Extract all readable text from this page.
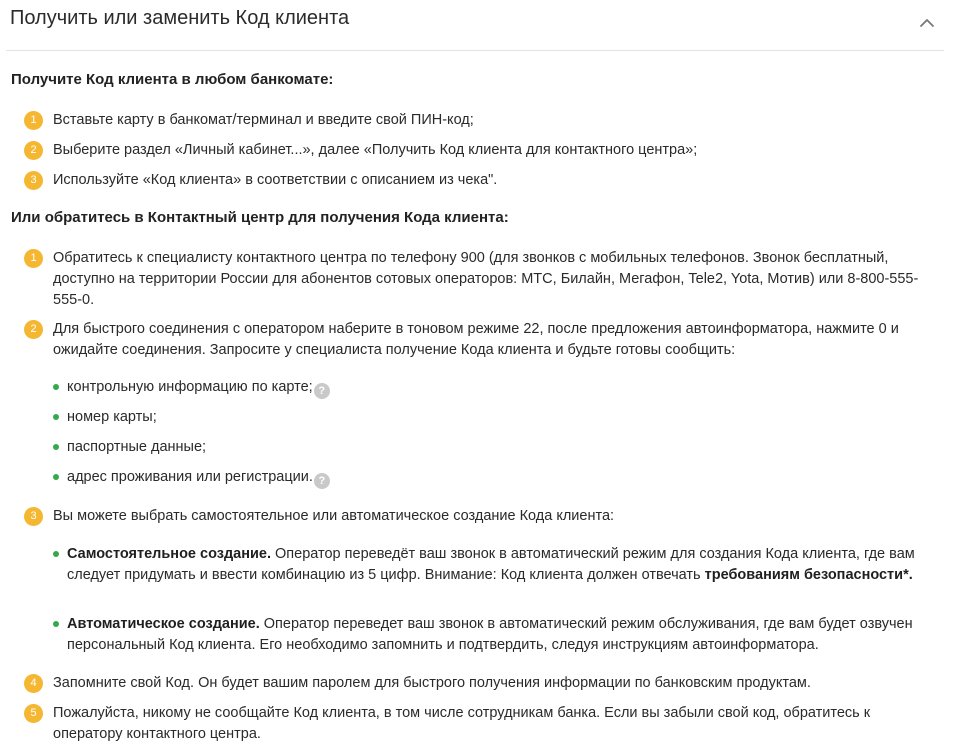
Получить или заменить Код клиента
Получите Код клиента в любом банкомате:
1	Вставьте карту в банкомат/терминал и введите свой ПИН-код;
2	Выберите раздел «Личный кабинет...», далее «Получить Код клиента для контактного центра»;
3	Используйте «Код клиента» в соответствии с описанием из чека".
Или обратитесь в Контактный центр для получения Кода клиента:
1	Обратитесь к специалисту контактного центра по телефону 900 (для звонков с мобильных телефонов. Звонок бесплатный, доступно на территории России для абонентов сотовых операторов: МТС, Билайн, Мегафон, Tele2, Yota, Мотив) или 8-800-555-555-0.
2	Для быстрого соединения с оператором наберите в тоновом режиме 22, после предложения автоинформатора, нажмите 0 и ожидайте соединения. Запросите у специалиста получение Кода клиента и будьте готовы сообщить:
контрольную информацию по карте; ?
номер карты;
паспортные данные;
адрес проживания или регистрации. ?
3	Вы можете выбрать самостоятельное или автоматическое создание Кода клиента:
Самостоятельное создание. Оператор переведёт ваш звонок в автоматический режим для создания Кода клиента, где вам следует придумать и ввести комбинацию из 5 цифр. Внимание: Код клиента должен отвечать требованиям безопасности*.
Автоматическое создание. Оператор переведет ваш звонок в автоматический режим обслуживания, где вам будет озвучен персональный Код клиента. Его необходимо запомнить и подтвердить, следуя инструкциям автоинформатора.
4	Запомните свой Код. Он будет вашим паролем для быстрого получения информации по банковским продуктам.
5	Пожалуйста, никому не сообщайте Код клиента, в том числе сотрудникам банка. Если вы забыли свой код, обратитесь к оператору контактного центра.
